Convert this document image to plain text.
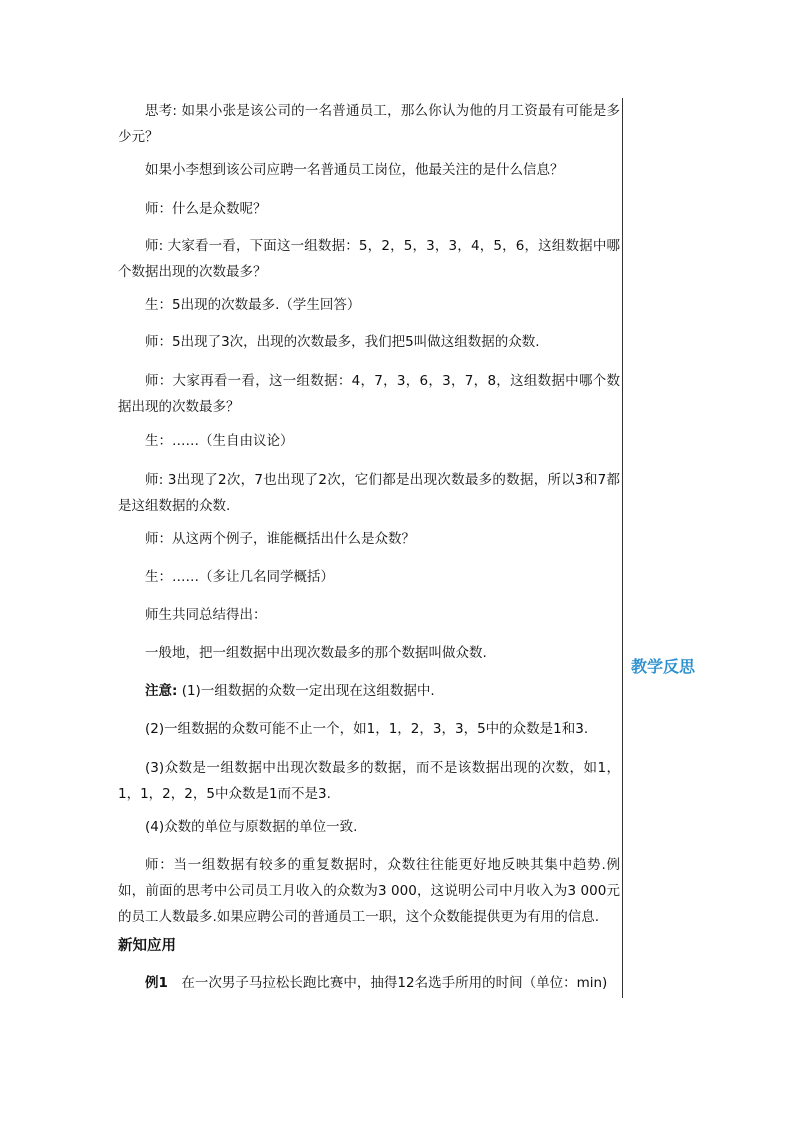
思考: 如果小张是该公司的一名普通员工，那么你认为他的月工资最有可能是多少元？

如果小李想到该公司应聘一名普通员工岗位，他最关注的是什么信息？

师：什么是众数呢？

师: 大家看一看，下面这一组数据：5，2，5，3，3，4，5，6，这组数据中哪个数据出现的次数最多？

生：5出现的次数最多.（学生回答）

师：5出现了3次，出现的次数最多，我们把5叫做这组数据的众数.

师：大家再看一看，这一组数据：4，7，3，6，3，7，8，这组数据中哪个数据出现的次数最多？

生：……（生自由议论）

师: 3出现了2次，7也出现了2次，它们都是出现次数最多的数据，所以3和7都是这组数据的众数.

师：从这两个例子，谁能概括出什么是众数？

生：……（多让几名同学概括）

师生共同总结得出：

一般地，把一组数据中出现次数最多的那个数据叫做众数.

注意: (1)一组数据的众数一定出现在这组数据中.

(2)一组数据的众数可能不止一个，如1，1，2，3，3，5中的众数是1和3.

(3)众数是一组数据中出现次数最多的数据，而不是该数据出现的次数，如1，1，1，2，2，5中众数是1而不是3.

(4)众数的单位与原数据的单位一致.

师：当一组数据有较多的重复数据时，众数往往能更好地反映其集中趋势.例如，前面的思考中公司员工月收入的众数为3 000，这说明公司中月收入为3 000元的员工人数最多.如果应聘公司的普通员工一职，这个众数能提供更为有用的信息.

新知应用

例1　在一次男子马拉松长跑比赛中，抽得12名选手所用的时间（单位：min)

教学反思
